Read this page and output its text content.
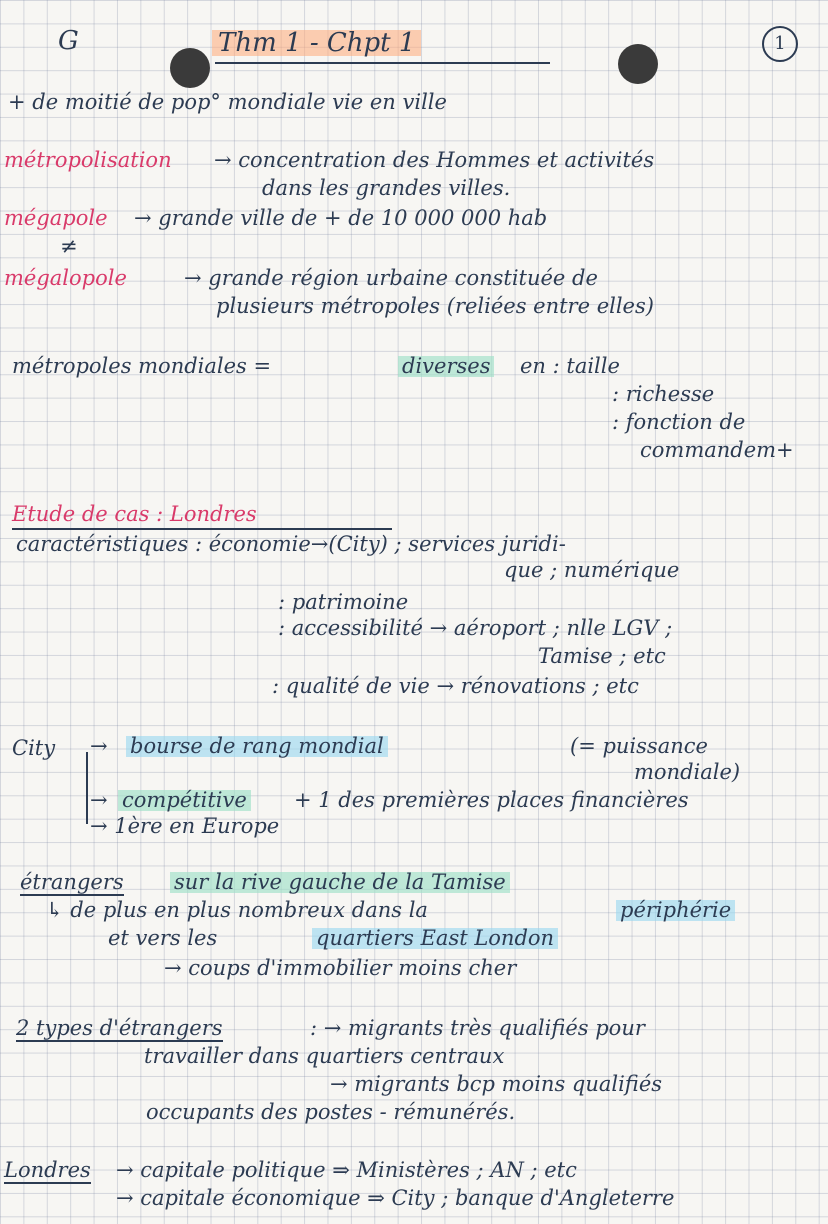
G	Thm 1 - Chpt 1	1
+ de moitié de pop° mondiale vie en ville
métropolisation → concentration des Hommes et activités
dans les grandes villes.
mégapole → grande ville de + de 10 000 000 hab
≠
mégalopole	→ grande région urbaine constituée de
plusieurs métropoles (reliées entre elles)
métropoles mondiales =	diverses en : taille
: richesse
: fonction de
commandem+
Etude de cas : Londres
caractéristiques : économie→(City) ; services juridi-
que ; numérique
: patrimoine
: accessibilité → aéroport ; nlle LGV ;
Tamise ; etc
: qualité de vie → rénovations ; etc
City → bourse de rang mondial	(= puissance
mondiale)
→ compétitive + 1 des premières places financières
→ 1ère en Europe
étrangers sur la rive gauche de la Tamise
↳ de plus en plus nombreux dans la	périphérie
et vers les	quartiers East London
→ coups d'immobilier moins cher
2 types d'étrangers	: → migrants très qualifiés pour
travailler dans quartiers centraux
→ migrants bcp moins qualifiés
occupants des postes - rémunérés.
Londres → capitale politique ⇒ Ministères ; AN ; etc
→ capitale économique ⇒ City ; banque d'Angleterre
